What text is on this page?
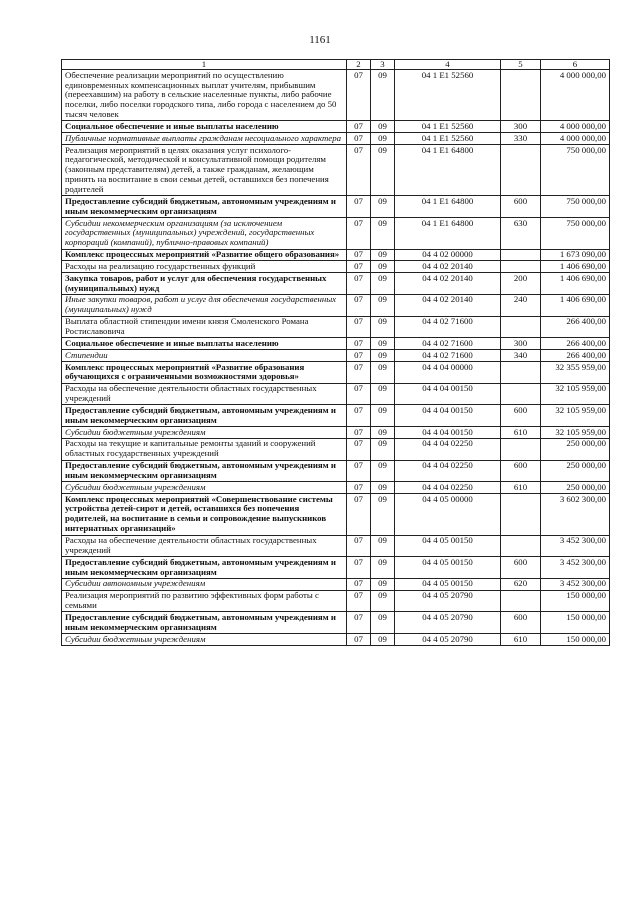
1161
1	2	3	4	5	6
Обеспечение реализации мероприятий по осуществлению единовременных компенсационных выплат учителям, прибывшим (переехавшим) на работу в сельские населенные пункты, либо рабочие поселки, либо поселки городского типа, либо города с населением до 50 тысяч человек	07	09	04 1 E1 52560		4 000 000,00
Социальное обеспечение и иные выплаты населению	07	09	04 1 E1 52560	300	4 000 000,00
Публичные нормативные выплаты гражданам несоциального характера	07	09	04 1 E1 52560	330	4 000 000,00
Реализация мероприятий в целях оказания услуг психолого-педагогической, методической и консультативной помощи родителям (законным представителям) детей, а также гражданам, желающим принять на воспитание в свои семьи детей, оставшихся без попечения родителей	07	09	04 1 E1 64800		750 000,00
Предоставление субсидий бюджетным, автономным учреждениям и иным некоммерческим организациям	07	09	04 1 E1 64800	600	750 000,00
Субсидии некоммерческим организациям (за исключением государственных (муниципальных) учреждений, государственных корпораций (компаний), публично-правовых компаний)	07	09	04 1 E1 64800	630	750 000,00
Комплекс процессных мероприятий «Развитие общего образования»	07	09	04 4 02 00000		1 673 090,00
Расходы на реализацию государственных функций	07	09	04 4 02 20140		1 406 690,00
Закупка товаров, работ и услуг для обеспечения государственных (муниципальных) нужд	07	09	04 4 02 20140	200	1 406 690,00
Иные закупки товаров, работ и услуг для обеспечения государственных (муниципальных) нужд	07	09	04 4 02 20140	240	1 406 690,00
Выплата областной стипендии имени князя Смоленского Романа Ростиславовича	07	09	04 4 02 71600		266 400,00
Социальное обеспечение и иные выплаты населению	07	09	04 4 02 71600	300	266 400,00
Стипендии	07	09	04 4 02 71600	340	266 400,00
Комплекс процессных мероприятий «Развитие образования обучающихся с ограниченными возможностями здоровья»	07	09	04 4 04 00000		32 355 959,00
Расходы на обеспечение деятельности областных государственных учреждений	07	09	04 4 04 00150		32 105 959,00
Предоставление субсидий бюджетным, автономным учреждениям и иным некоммерческим организациям	07	09	04 4 04 00150	600	32 105 959,00
Субсидии бюджетным учреждениям	07	09	04 4 04 00150	610	32 105 959,00
Расходы на текущие и капитальные ремонты зданий и сооружений областных государственных учреждений	07	09	04 4 04 02250		250 000,00
Предоставление субсидий бюджетным, автономным учреждениям и иным некоммерческим организациям	07	09	04 4 04 02250	600	250 000,00
Субсидии бюджетным учреждениям	07	09	04 4 04 02250	610	250 000,00
Комплекс процессных мероприятий «Совершенствование системы устройства детей-сирот и детей, оставшихся без попечения родителей, на воспитание в семьи и сопровождение выпускников интернатных организаций»	07	09	04 4 05 00000		3 602 300,00
Расходы на обеспечение деятельности областных государственных учреждений	07	09	04 4 05 00150		3 452 300,00
Предоставление субсидий бюджетным, автономным учреждениям и иным некоммерческим организациям	07	09	04 4 05 00150	600	3 452 300,00
Субсидии автономным учреждениям	07	09	04 4 05 00150	620	3 452 300,00
Реализация мероприятий по развитию эффективных форм работы с семьями	07	09	04 4 05 20790		150 000,00
Предоставление субсидий бюджетным, автономным учреждениям и иным некоммерческим организациям	07	09	04 4 05 20790	600	150 000,00
Субсидии бюджетным учреждениям	07	09	04 4 05 20790	610	150 000,00
